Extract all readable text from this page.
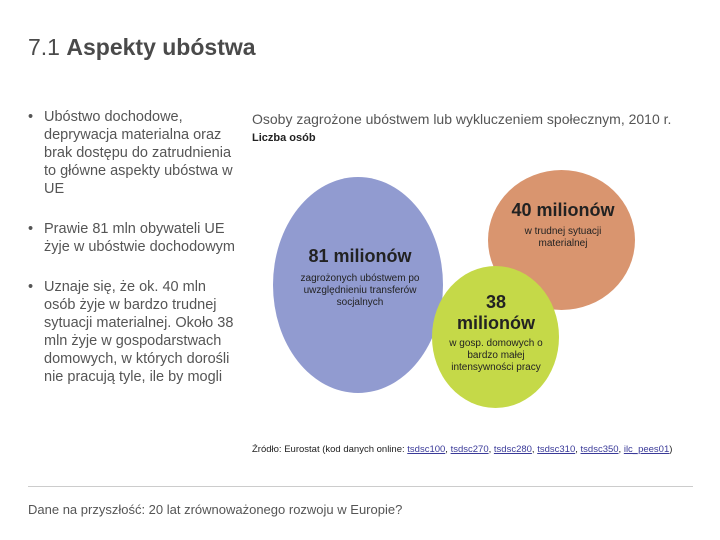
7.1 Aspekty ubóstwa
• Ubóstwo dochodowe, deprywacja materialna oraz brak dostępu do zatrudnienia to główne aspekty ubóstwa w UE
• Prawie 81 mln obywateli UE żyje w ubóstwie dochodowym
• Uznaje się, że ok. 40 mln osób żyje w bardzo trudnej sytuacji materialnej. Około 38 mln żyje w gospodarstwach domowych, w których dorośli nie pracują tyle, ile by mogli
Osoby zagrożone ubóstwem lub wykluczeniem społecznym, 2010 r.
Liczba osób
81 milionów
zagrożonych ubóstwem po uwzględnieniu transferów socjalnych
40 milionów
w trudnej sytuacji materialnej
38 milionów
w gosp. domowych o bardzo małej intensywności pracy
Źródło: Eurostat (kod danych online: tsdsc100, tsdsc270, tsdsc280, tsdsc310, tsdsc350, ilc_pees01)
Dane na przyszłość: 20 lat zrównoważonego rozwoju w Europie?
